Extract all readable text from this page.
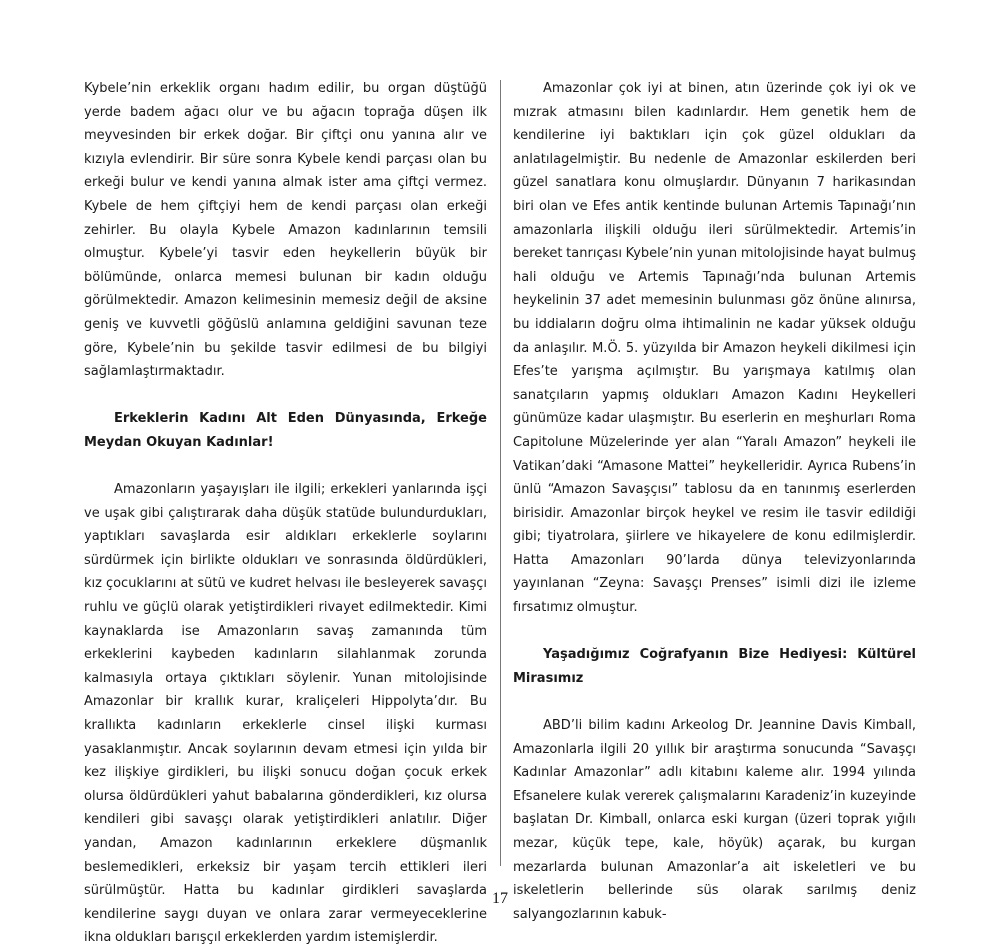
Kybele’nin erkeklik organı hadım edilir, bu organ düştüğü yerde badem ağacı olur ve bu ağacın toprağa düşen ilk meyvesinden bir erkek doğar. Bir çiftçi onu yanına alır ve kızıyla evlendirir. Bir süre sonra Kybele kendi parçası olan bu erkeği bulur ve kendi yanına almak ister ama çiftçi vermez. Kybele de hem çiftçiyi hem de kendi parçası olan erkeği zehirler. Bu olayla Kybele Amazon kadınlarının temsili olmuştur. Kybele’yi tasvir eden heykellerin büyük bir bölümünde, onlarca memesi bulunan bir kadın olduğu görülmektedir. Amazon kelimesinin memesiz değil de aksine geniş ve kuvvetli göğüslü anlamına geldiğini savunan teze göre, Kybele’nin bu şekilde tasvir edilmesi de bu bilgiyi sağlamlaştırmaktadır.

Erkeklerin Kadını Alt Eden Dünyasında, Erkeğe Meydan Okuyan Kadınlar!

Amazonların yaşayışları ile ilgili; erkekleri yanlarında işçi ve uşak gibi çalıştırarak daha düşük statüde bulundurdukları, yaptıkları savaşlarda esir aldıkları erkeklerle soylarını sürdürmek için birlikte oldukları ve sonrasında öldürdükleri, kız çocuklarını at sütü ve kudret helvası ile besleyerek savaşçı ruhlu ve güçlü olarak yetiştirdikleri rivayet edilmektedir. Kimi kaynaklarda ise Amazonların savaş zamanında tüm erkeklerini kaybeden kadınların silahlanmak zorunda kalmasıyla ortaya çıktıkları söylenir. Yunan mitolojisinde Amazonlar bir krallık kurar, kraliçeleri Hippolyta’dır. Bu krallıkta kadınların erkeklerle cinsel ilişki kurması yasaklanmıştır. Ancak soylarının devam etmesi için yılda bir kez ilişkiye girdikleri, bu ilişki sonucu doğan çocuk erkek olursa öldürdükleri yahut babalarına gönderdikleri, kız olursa kendileri gibi savaşçı olarak yetiştirdikleri anlatılır. Diğer yandan, Amazon kadınlarının erkeklere düşmanlık beslemedikleri, erkeksiz bir yaşam tercih ettikleri ileri sürülmüştür. Hatta bu kadınlar girdikleri savaşlarda kendilerine saygı duyan ve onlara zarar vermeyeceklerine ikna oldukları barışçıl erkeklerden yardım istemişlerdir.

Amazonlar çok iyi at binen, atın üzerinde çok iyi ok ve mızrak atmasını bilen kadınlardır. Hem genetik hem de kendilerine iyi baktıkları için çok güzel oldukları da anlatılagelmiştir. Bu nedenle de Amazonlar eskilerden beri güzel sanatlara konu olmuşlardır. Dünyanın 7 harikasından biri olan ve Efes antik kentinde bulunan Artemis Tapınağı’nın amazonlarla ilişkili olduğu ileri sürülmektedir. Artemis’in bereket tanrıçası Kybele’nin yunan mitolojisinde hayat bulmuş hali olduğu ve Artemis Tapınağı’nda bulunan Artemis heykelinin 37 adet memesinin bulunması göz önüne alınırsa, bu iddiaların doğru olma ihtimalinin ne kadar yüksek olduğu da anlaşılır. M.Ö. 5. yüzyılda bir Amazon heykeli dikilmesi için Efes’te yarışma açılmıştır. Bu yarışmaya katılmış olan sanatçıların yapmış oldukları Amazon Kadını Heykelleri günümüze kadar ulaşmıştır. Bu eserlerin en meşhurları Roma Capitolune Müzelerinde yer alan “Yaralı Amazon” heykeli ile Vatikan’daki “Amasone Mattei” heykelleridir. Ayrıca Rubens’in ünlü “Amazon Savaşçısı” tablosu da en tanınmış eserlerden birisidir. Amazonlar birçok heykel ve resim ile tasvir edildiği gibi; tiyatrolara, şiirlere ve hikayelere de konu edilmişlerdir. Hatta Amazonları 90’larda dünya televizyonlarında yayınlanan “Zeyna: Savaşçı Prenses” isimli dizi ile izleme fırsatımız olmuştur.

Yaşadığımız Coğrafyanın Bize Hediyesi: Kültürel Mirasımız

ABD’li bilim kadını Arkeolog Dr. Jeannine Davis Kimball, Amazonlarla ilgili 20 yıllık bir araştırma sonucunda “Savaşçı Kadınlar Amazonlar” adlı kitabını kaleme alır. 1994 yılında Efsanelere kulak vererek çalışmalarını Karadeniz’in kuzeyinde başlatan Dr. Kimball, onlarca eski kurgan (üzeri toprak yığılı mezar, küçük tepe, kale, höyük) açarak, bu kurgan mezarlarda bulunan Amazonlar’a ait iskeletleri ve bu iskeletlerin bellerinde süs olarak sarılmış deniz salyangozlarının kabuk-

17
